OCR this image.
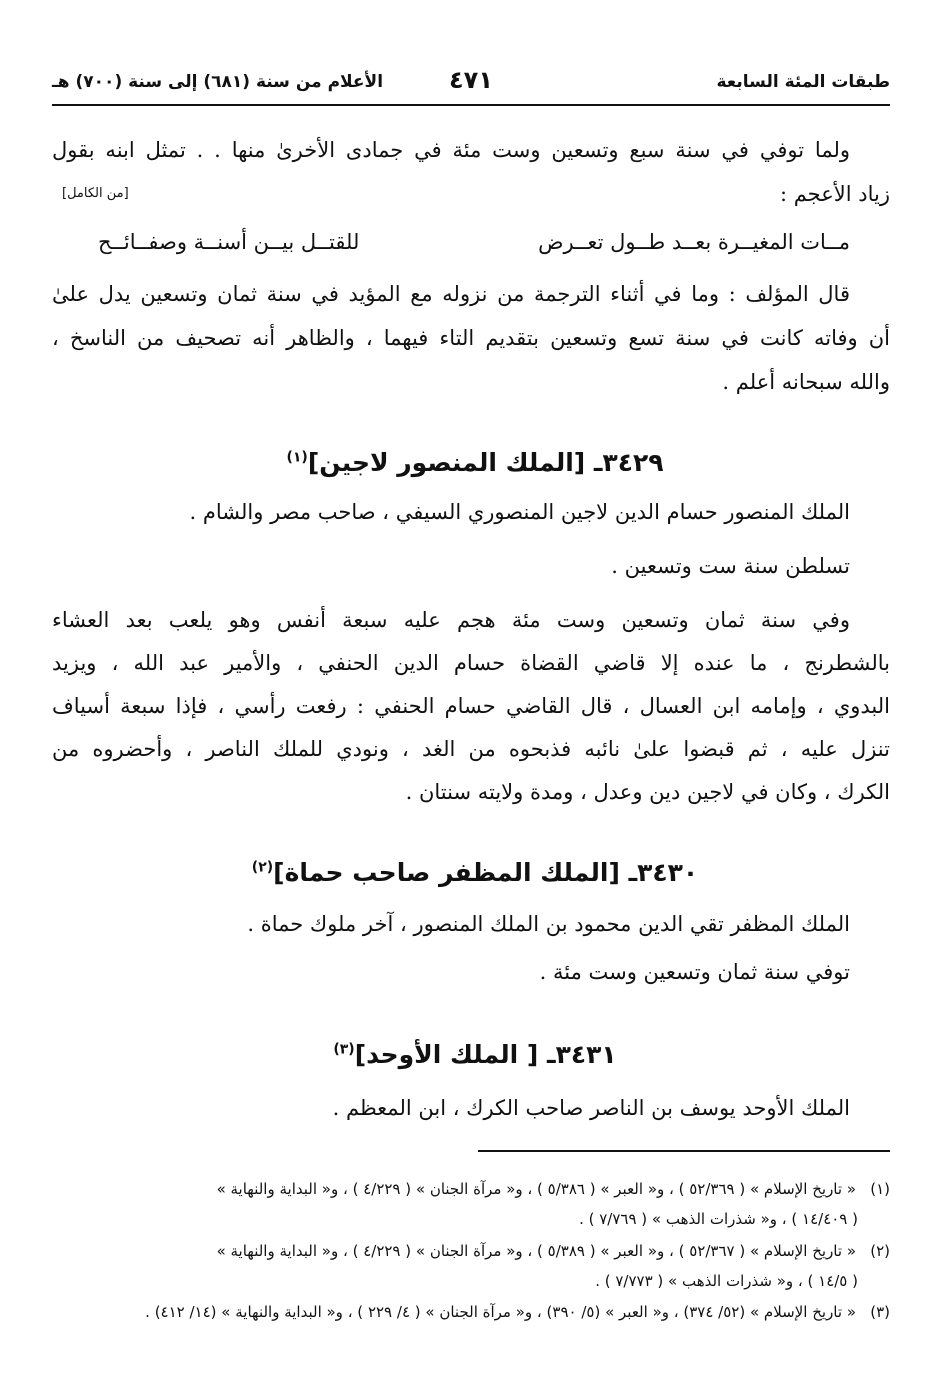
طبقات المئة السابعة
٤٧١
الأعلام من سنة (٦٨١) إلى سنة (٧٠٠) هـ
ولما توفي في سنة سبع وتسعين وست مئة في جمادى الأخرىٰ منها . . تمثل ابنه بقول
زياد الأعجم :
[من الكامل]
مــات المغيــرة بعــد طــول تعــرض
للقتــل بيــن أسنــة وصفــائــح
قال المؤلف : وما في أثناء الترجمة من نزوله مع المؤيد في سنة ثمان وتسعين يدل علىٰ
أن وفاته كانت في سنة تسع وتسعين بتقديم التاء فيهما ، والظاهر أنه تصحيف من الناسخ ،
والله سبحانه أعلم .
٣٤٢٩ـ [الملك المنصور لاجين]$^{(١)}$
الملك المنصور حسام الدين لاجين المنصوري السيفي ، صاحب مصر والشام .
تسلطن سنة ست وتسعين .
وفي سنة ثمان وتسعين وست مئة هجم عليه سبعة أنفس وهو يلعب بعد العشاء
بالشطرنج ، ما عنده إلا قاضي القضاة حسام الدين الحنفي ، والأمير عبد الله ، ويزيد
البدوي ، وإمامه ابن العسال ، قال القاضي حسام الحنفي : رفعت رأسي ، فإذا سبعة أسياف
تنزل عليه ، ثم قبضوا علىٰ نائبه فذبحوه من الغد ، ونودي للملك الناصر ، وأحضروه من
الكرك ، وكان في لاجين دين وعدل ، ومدة ولايته سنتان .
٣٤٣٠ـ [الملك المظفر صاحب حماة]$^{(٢)}$
الملك المظفر تقي الدين محمود بن الملك المنصور ، آخر ملوك حماة .
توفي سنة ثمان وتسعين وست مئة .
٣٤٣١ـ [ الملك الأوحد]$^{(٣)}$
الملك الأوحد يوسف بن الناصر صاحب الكرك ، ابن المعظم .
(١)« تاريخ الإسلام » ( ٥٢/٣٦٩ ) ، و« العبر » ( ٥/٣٨٦ ) ، و« مرآة الجنان » ( ٤/٢٢٩ ) ، و« البداية والنهاية »
( ١٤/٤٠٩ ) ، و« شذرات الذهب » ( ٧/٧٦٩ ) .
(٢)« تاريخ الإسلام » ( ٥٢/٣٦٧ ) ، و« العبر » ( ٥/٣٨٩ ) ، و« مرآة الجنان » ( ٤/٢٢٩ ) ، و« البداية والنهاية »
( ١٤/٥ ) ، و« شذرات الذهب » ( ٧/٧٧٣ ) .
(٣)« تاريخ الإسلام » (٥٢/ ٣٧٤) ، و« العبر » (٥/ ٣٩٠) ، و« مرآة الجنان » ( ٤/ ٢٢٩ ) ، و« البداية والنهاية » (١٤/ ٤١٢) .
